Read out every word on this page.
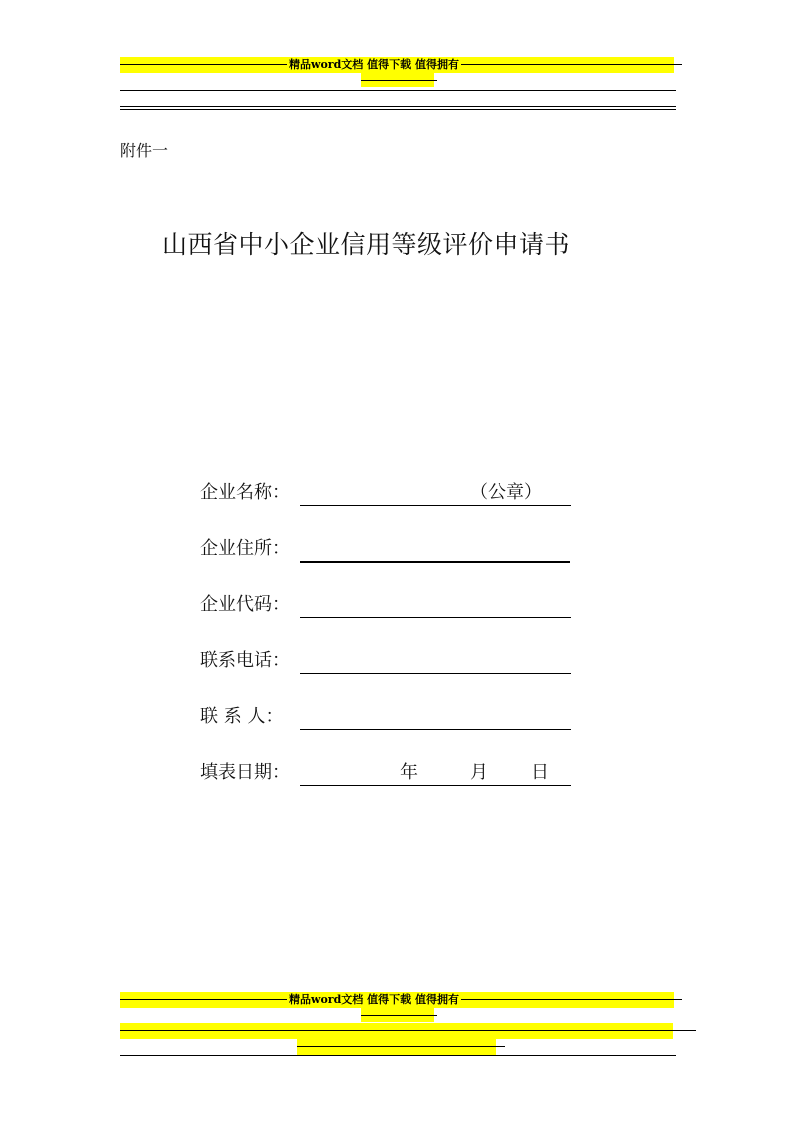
精品word文档 值得下载 值得拥有
附件一
山西省中小企业信用等级评价申请书
企业名称：	（公章）
企业住所：
企业代码：
联系电话：
联 系 人：
填表日期：	年	月 日
精品word文档 值得下载 值得拥有
